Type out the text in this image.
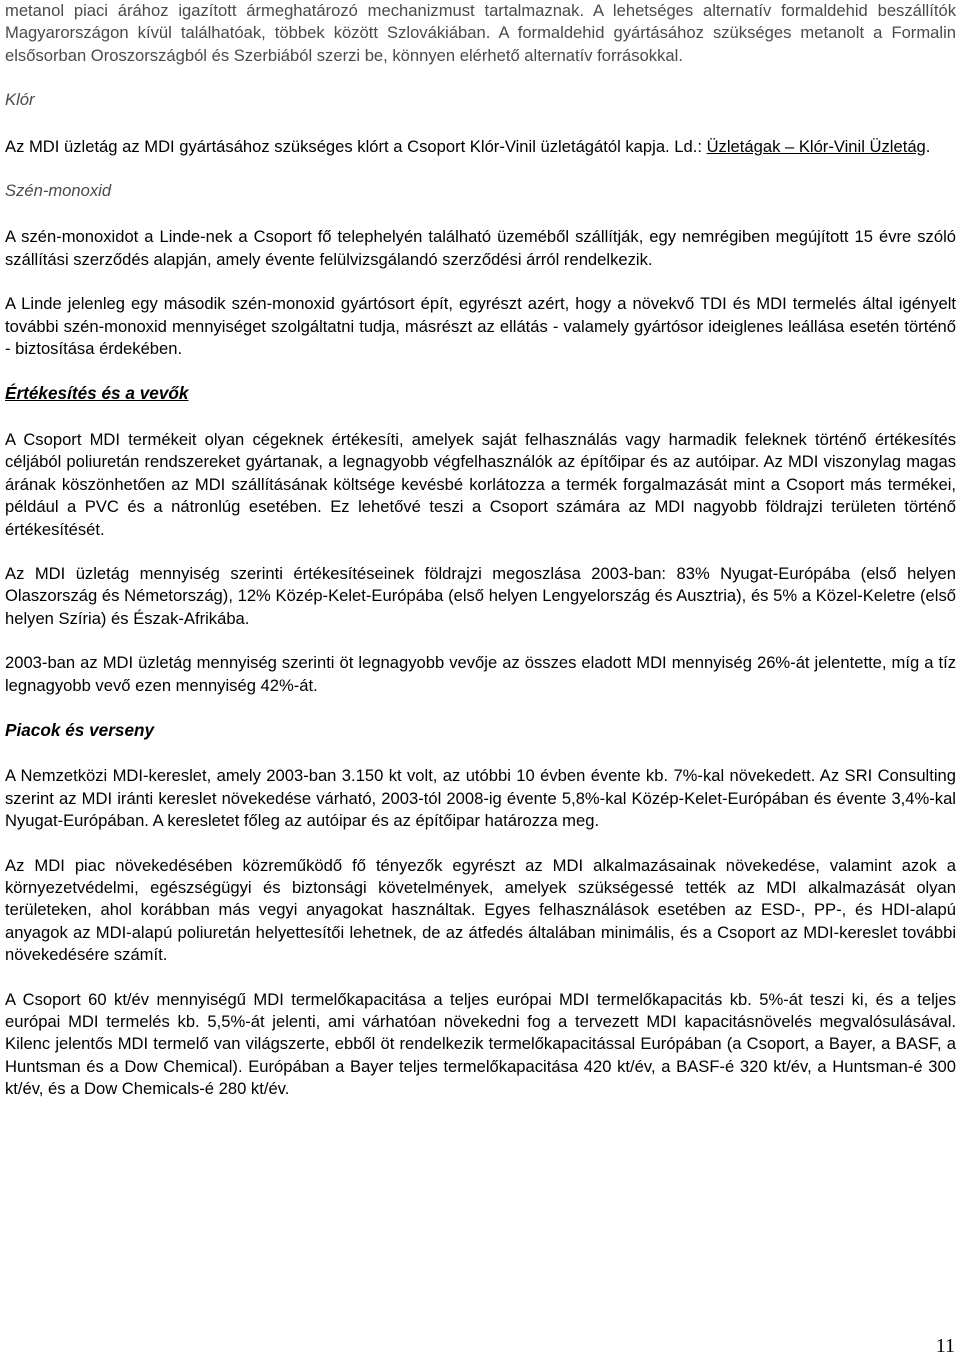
metanol piaci árához igazított ármeghatározó mechanizmust tartalmaznak. A lehetséges alternatív formaldehid beszállítók Magyarországon kívül találhatóak, többek között Szlovákiában. A formaldehid gyártásához szükséges metanolt a Formalin elsősorban Oroszországból és Szerbiából szerzi be, könnyen elérhető alternatív forrásokkal.

Klór

Az MDI üzletág az MDI gyártásához szükséges klórt a Csoport Klór-Vinil üzletágától kapja. Ld.: Üzletágak – Klór-Vinil Üzletág.

Szén-monoxid

A szén-monoxidot a Linde-nek a Csoport fő telephelyén található üzeméből szállítják, egy nemrégiben megújított 15 évre szóló szállítási szerződés alapján, amely évente felülvizsgálandó szerződési árról rendelkezik.

A Linde jelenleg egy második szén-monoxid gyártósort épít, egyrészt azért, hogy a növekvő TDI és MDI termelés által igényelt további szén-monoxid mennyiséget szolgáltatni tudja, másrészt az ellátás - valamely gyártósor ideiglenes leállása esetén történő - biztosítása érdekében.

Értékesítés és a vevők

A Csoport MDI termékeit olyan cégeknek értékesíti, amelyek saját felhasználás vagy harmadik feleknek történő értékesítés céljából poliuretán rendszereket gyártanak, a legnagyobb végfelhasználók az építőipar és az autóipar. Az MDI viszonylag magas árának köszönhetően az MDI szállításának költsége kevésbé korlátozza a termék forgalmazását mint a Csoport más termékei, például a PVC és a nátronlúg esetében. Ez lehetővé teszi a Csoport számára az MDI nagyobb földrajzi területen történő értékesítését.

Az MDI üzletág mennyiség szerinti értékesítéseinek földrajzi megoszlása 2003-ban: 83% Nyugat-Európába (első helyen Olaszország és Németország), 12% Közép-Kelet-Európába (első helyen Lengyelország és Ausztria), és 5% a Közel-Keletre (első helyen Szíria) és Észak-Afrikába.

2003-ban az MDI üzletág mennyiség szerinti öt legnagyobb vevője az összes eladott MDI mennyiség 26%-át jelentette, míg a tíz legnagyobb vevő ezen mennyiség 42%-át.

Piacok és verseny

A Nemzetközi MDI-kereslet, amely 2003-ban 3.150 kt volt, az utóbbi 10 évben évente kb. 7%-kal növekedett. Az SRI Consulting szerint az MDI iránti kereslet növekedése várható, 2003-tól 2008-ig évente 5,8%-kal Közép-Kelet-Európában és évente 3,4%-kal Nyugat-Európában. A keresletet főleg az autóipar és az építőipar határozza meg.

Az MDI piac növekedésében közreműködő fő tényezők egyrészt az MDI alkalmazásainak növekedése, valamint azok a környezetvédelmi, egészségügyi és biztonsági követelmények, amelyek szükségessé tették az MDI alkalmazását olyan területeken, ahol korábban más vegyi anyagokat használtak. Egyes felhasználások esetében az ESD-, PP-, és HDI-alapú anyagok az MDI-alapú poliuretán helyettesítői lehetnek, de az átfedés általában minimális, és a Csoport az MDI-kereslet további növekedésére számít.

A Csoport 60 kt/év mennyiségű MDI termelőkapacitása a teljes európai MDI termelőkapacitás kb. 5%-át teszi ki, és a teljes európai MDI termelés kb. 5,5%-át jelenti, ami várhatóan növekedni fog a tervezett MDI kapacitásnövelés megvalósulásával. Kilenc jelentős MDI termelő van világszerte, ebből öt rendelkezik termelőkapacitással Európában (a Csoport, a Bayer, a BASF, a Huntsman és a Dow Chemical). Európában a Bayer teljes termelőkapacitása 420 kt/év, a BASF-é 320 kt/év, a Huntsman-é 300 kt/év, és a Dow Chemicals-é 280 kt/év.

11
